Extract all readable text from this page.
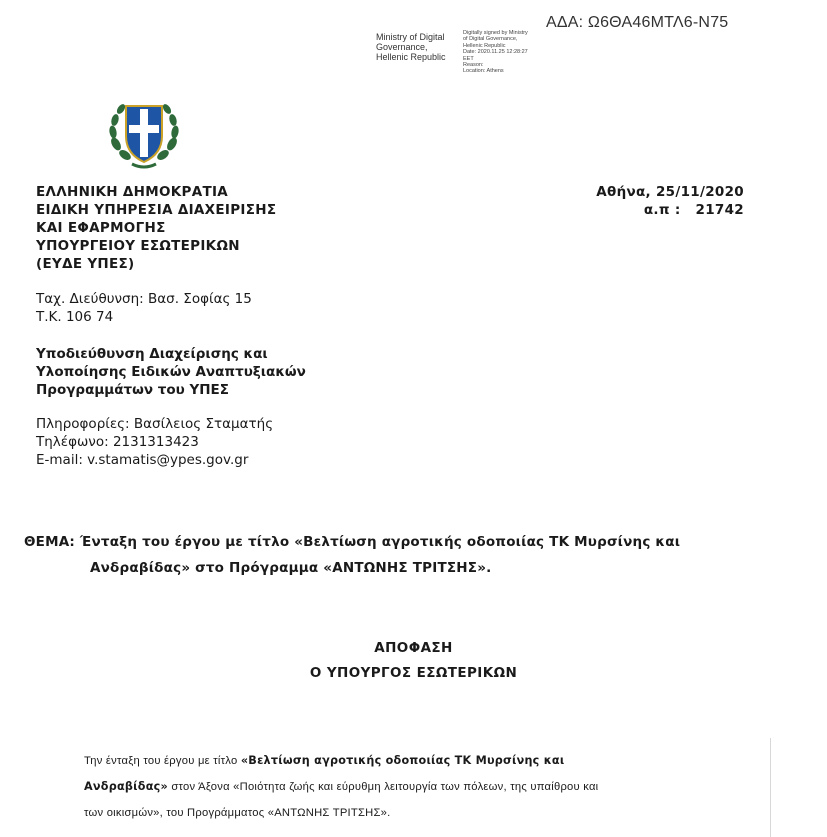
ΑΔΑ: Ω6ΘΑ46ΜΤΛ6-Ν75
Ministry of Digital
Governance,
Hellenic Republic
Digitally signed by Ministry
of Digital Governance,
Hellenic Republic
Date: 2020.11.25 12:28:27
EET
Reason:
Location: Athens
ΕΛΛΗΝΙΚΗ ΔΗΜΟΚΡΑΤΙΑ
ΕΙΔΙΚΗ ΥΠΗΡΕΣΙΑ ΔΙΑΧΕΙΡΙΣΗΣ
ΚΑΙ ΕΦΑΡΜΟΓΗΣ
ΥΠΟΥΡΓΕΙΟΥ ΕΣΩΤΕΡΙΚΩΝ
(ΕΥΔΕ ΥΠΕΣ)
Αθήνα, 25/11/2020
α.π :   21742
Ταχ. Διεύθυνση: Βασ. Σοφίας 15
Τ.Κ. 106 74
Υποδιεύθυνση Διαχείρισης και
Υλοποίησης Ειδικών Αναπτυξιακών
Προγραμμάτων του ΥΠΕΣ
Πληροφορίες: Βασίλειος Σταματής
Τηλέφωνο: 2131313423
E-mail: v.stamatis@ypes.gov.gr
ΘΕΜΑ: Ένταξη του έργου με τίτλο «Βελτίωση αγροτικής οδοποιίας ΤΚ Μυρσίνης και
Ανδραβίδας» στο Πρόγραμμα «ΑΝΤΩΝΗΣ ΤΡΙΤΣΗΣ».
ΑΠΟΦΑΣΗ
Ο ΥΠΟΥΡΓΟΣ ΕΣΩΤΕΡΙΚΩΝ
Την ένταξη του έργου με τίτλο «Βελτίωση αγροτικής οδοποιίας ΤΚ Μυρσίνης και
Ανδραβίδας» στον Άξονα «Ποιότητα ζωής και εύρυθμη λειτουργία των πόλεων, της υπαίθρου και
των οικισμών», του Προγράμματος «ΑΝΤΩΝΗΣ ΤΡΙΤΣΗΣ».
